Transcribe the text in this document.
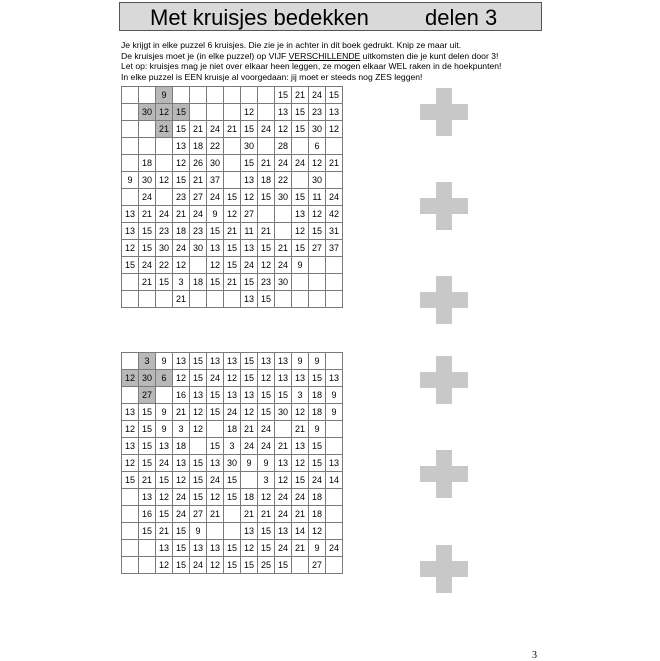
Met kruisjes bedekken	delen 3
Je krijgt in elke puzzel 6 kruisjes. Die zie je in achter in dit boek gedrukt. Knip ze maar uit.
De kruisjes moet je (in elke puzzel) op VIJF VERSCHILLENDE uitkomsten die je kunt delen door 3!
Let op: kruisjes mag je niet over elkaar heen leggen, ze mogen elkaar WEL raken in de hoekpunten!
In elke puzzel is EEN kruisje al voorgedaan: jij moet er steeds nog ZES leggen!
		9							15	21	24	15
	30	12	15				12		13	15	23	13
		21	15	21	24	21	15	24	12	15	30	12
			13	18	22		30		28		6	
	18		12	26	30		15	21	24	24	12	21
9	30	12	15	21	37		13	18	22		30	
	24		23	27	24	15	12	15	30	15	11	24
13	21	24	21	24	9	12	27			13	12	42
13	15	23	18	23	15	21	11	21		12	15	31
12	15	30	24	30	13	15	13	15	21	15	27	37
15	24	22	12		12	15	24	12	24	9		
	21	15	3	18	15	21	15	23	30			
			21				13	15				
	3	9	13	15	13	13	15	13	13	9	9	
12	30	6	12	15	24	12	15	12	13	13	15	13
	27		16	13	15	13	13	15	15	3	18	9
13	15	9	21	12	15	24	12	15	30	12	18	9
12	15	9	3	12		18	21	24		21	9	
13	15	13	18		15	3	24	24	21	13	15	
12	15	24	13	15	13	30	9	9	13	12	15	13
15	21	15	12	15	24	15		3	12	15	24	14
	13	12	24	15	12	15	18	12	24	24	18	
	16	15	24	27	21		21	21	24	21	18	
	15	21	15	9			13	15	13	14	12	
		13	15	13	13	15	12	15	24	21	9	24
		12	15	24	12	15	15	25	15		27	
3
